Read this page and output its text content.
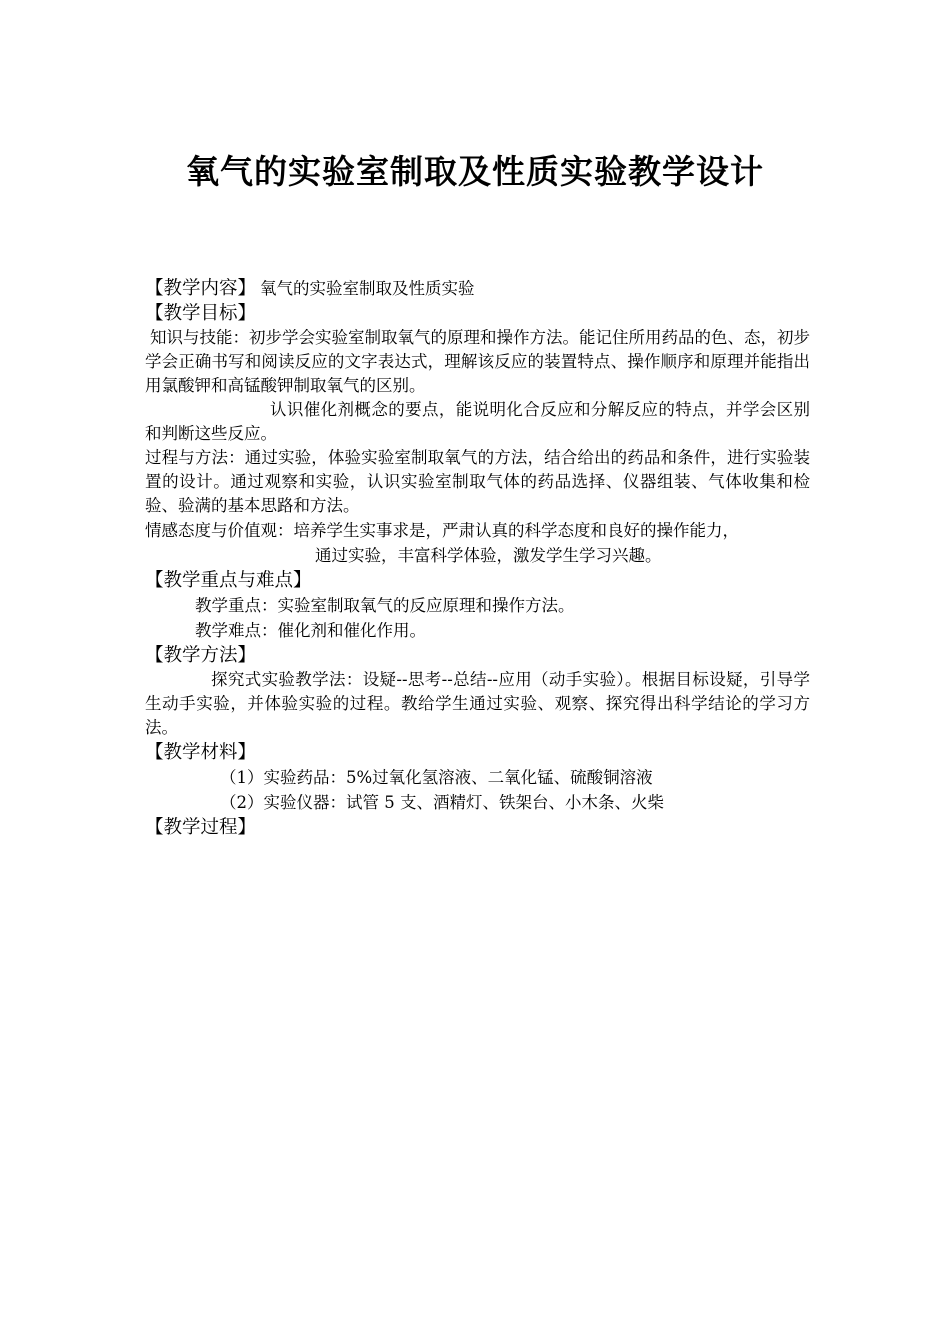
氧气的实验室制取及性质实验教学设计
【教学内容】 氧气的实验室制取及性质实验
【教学目标】

知识与技能：初步学会实验室制取氧气的原理和操作方法。能记住所用药品的色、态，初步学会正确书写和阅读反应的文字表达式，理解该反应的装置特点、操作顺序和原理并能指出用氯酸钾和高锰酸钾制取氧气的区别。

认识催化剂概念的要点，能说明化合反应和分解反应的特点，并学会区别和判断这些反应。

过程与方法：通过实验，体验实验室制取氧气的方法，结合给出的药品和条件，进行实验装置的设计。通过观察和实验，认识实验室制取气体的药品选择、仪器组装、气体收集和检验、验满的基本思路和方法。

情感态度与价值观：培养学生实事求是，严肃认真的科学态度和良好的操作能力，
通过实验，丰富科学体验，激发学生学习兴趣。
【教学重点与难点】
教学重点：实验室制取氧气的反应原理和操作方法。
教学难点：催化剂和催化作用。
【教学方法】

探究式实验教学法：设疑--思考--总结--应用（动手实验）。根据目标设疑，引导学生动手实验，并体验实验的过程。教给学生通过实验、观察、探究得出科学结论的学习方法。

【教学材料】
（1）实验药品：5%过氧化氢溶液、二氧化锰、硫酸铜溶液
（2）实验仪器：试管 5 支、酒精灯、铁架台、小木条、火柴
【教学过程】
